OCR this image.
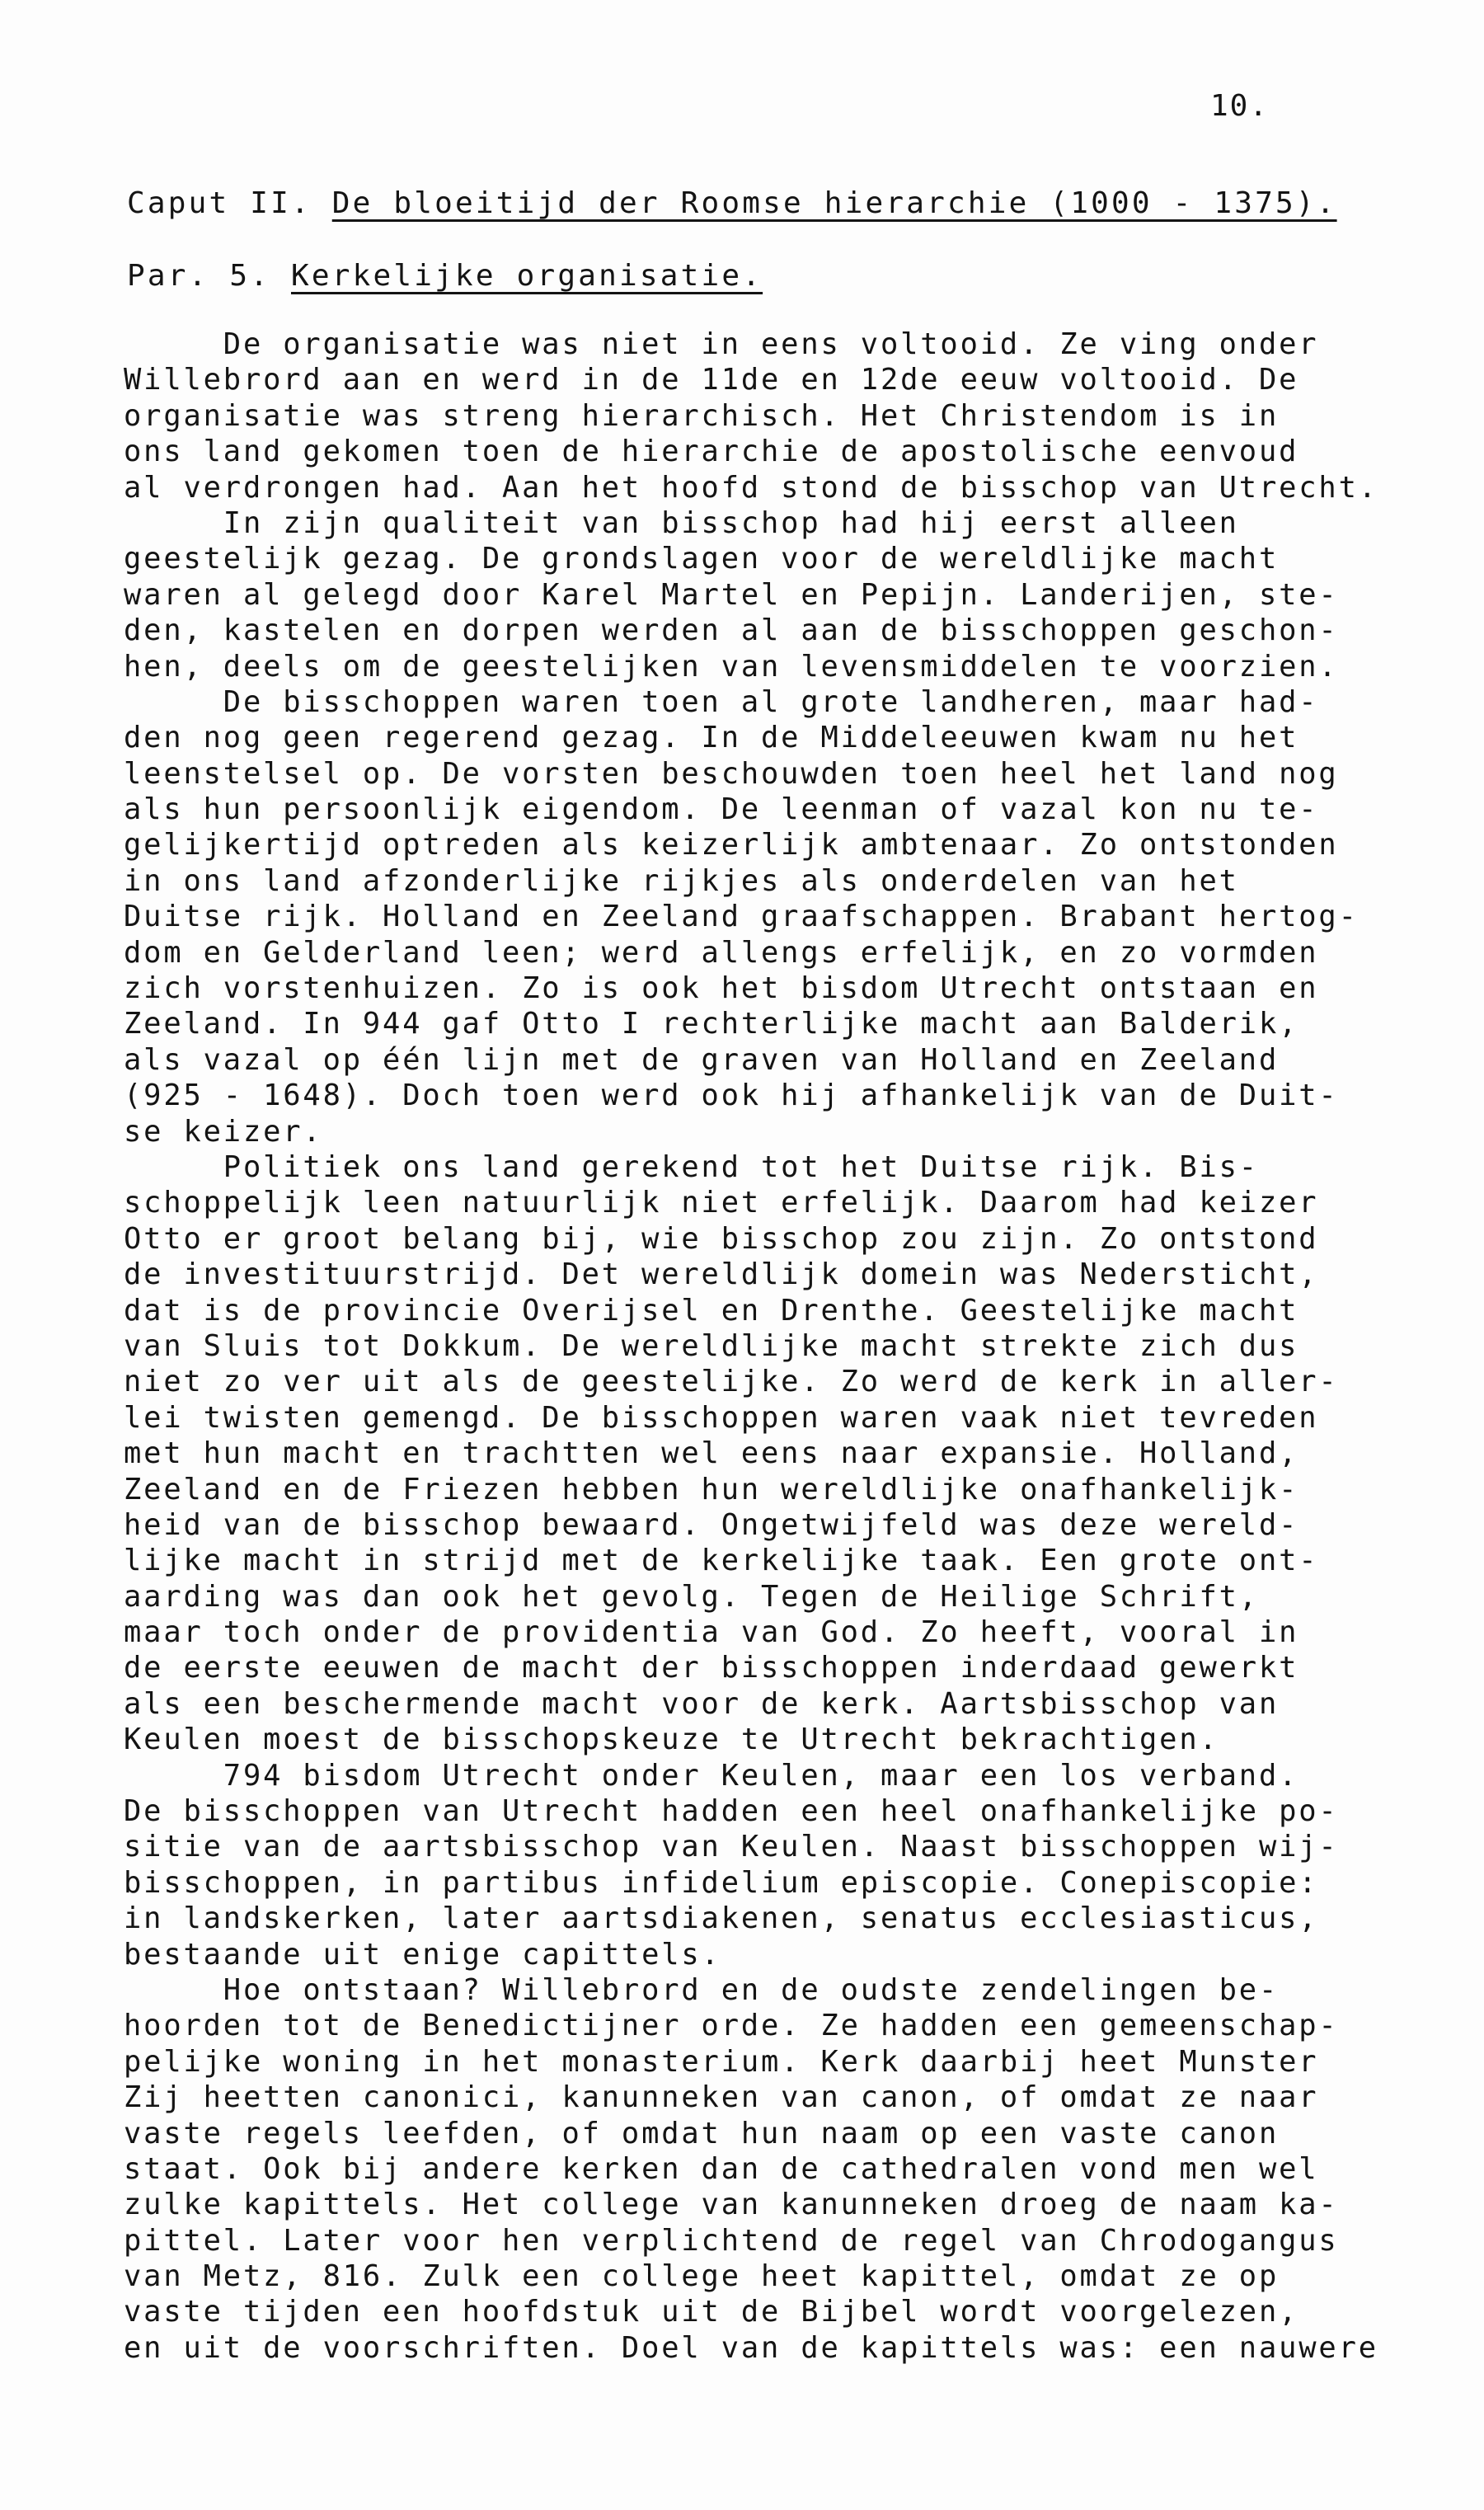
10.
Caput II. De bloeitijd der Roomse hierarchie (1000 - 1375).
Par. 5. Kerkelijke organisatie.
De organisatie was niet in eens voltooid. Ze ving onder
Willebrord aan en werd in de 11de en 12de eeuw voltooid. De
organisatie was streng hierarchisch. Het Christendom is in
ons land gekomen toen de hierarchie de apostolische eenvoud
al verdrongen had. Aan het hoofd stond de bisschop van Utrecht.
In zijn qualiteit van bisschop had hij eerst alleen
geestelijk gezag. De grondslagen voor de wereldlijke macht
waren al gelegd door Karel Martel en Pepijn. Landerijen, ste-
den, kastelen en dorpen werden al aan de bisschoppen geschon-
hen, deels om de geestelijken van levensmiddelen te voorzien.
De bisschoppen waren toen al grote landheren, maar had-
den nog geen regerend gezag. In de Middeleeuwen kwam nu het
leenstelsel op. De vorsten beschouwden toen heel het land nog
als hun persoonlijk eigendom. De leenman of vazal kon nu te-
gelijkertijd optreden als keizerlijk ambtenaar. Zo ontstonden
in ons land afzonderlijke rijkjes als onderdelen van het
Duitse rijk. Holland en Zeeland graafschappen. Brabant hertog-
dom en Gelderland leen; werd allengs erfelijk, en zo vormden
zich vorstenhuizen. Zo is ook het bisdom Utrecht ontstaan en
Zeeland. In 944 gaf Otto I rechterlijke macht aan Balderik,
als vazal op één lijn met de graven van Holland en Zeeland
(925 - 1648). Doch toen werd ook hij afhankelijk van de Duit-
se keizer.
Politiek ons land gerekend tot het Duitse rijk. Bis-
schoppelijk leen natuurlijk niet erfelijk. Daarom had keizer
Otto er groot belang bij, wie bisschop zou zijn. Zo ontstond
de investituurstrijd. Det wereldlijk domein was Nedersticht,
dat is de provincie Overijsel en Drenthe. Geestelijke macht
van Sluis tot Dokkum. De wereldlijke macht strekte zich dus
niet zo ver uit als de geestelijke. Zo werd de kerk in aller-
lei twisten gemengd. De bisschoppen waren vaak niet tevreden
met hun macht en trachtten wel eens naar expansie. Holland,
Zeeland en de Friezen hebben hun wereldlijke onafhankelijk-
heid van de bisschop bewaard. Ongetwijfeld was deze wereld-
lijke macht in strijd met de kerkelijke taak. Een grote ont-
aarding was dan ook het gevolg. Tegen de Heilige Schrift,
maar toch onder de providentia van God. Zo heeft, vooral in
de eerste eeuwen de macht der bisschoppen inderdaad gewerkt
als een beschermende macht voor de kerk. Aartsbisschop van
Keulen moest de bisschopskeuze te Utrecht bekrachtigen.
794 bisdom Utrecht onder Keulen, maar een los verband.
De bisschoppen van Utrecht hadden een heel onafhankelijke po-
sitie van de aartsbisschop van Keulen. Naast bisschoppen wij-
bisschoppen, in partibus infidelium episcopie. Conepiscopie:
in landskerken, later aartsdiakenen, senatus ecclesiasticus,
bestaande uit enige capittels.
Hoe ontstaan? Willebrord en de oudste zendelingen be-
hoorden tot de Benedictijner orde. Ze hadden een gemeenschap-
pelijke woning in het monasterium. Kerk daarbij heet Munster
Zij heetten canonici, kanunneken van canon, of omdat ze naar
vaste regels leefden, of omdat hun naam op een vaste canon
staat. Ook bij andere kerken dan de cathedralen vond men wel
zulke kapittels. Het college van kanunneken droeg de naam ka-
pittel. Later voor hen verplichtend de regel van Chrodogangus
van Metz, 816. Zulk een college heet kapittel, omdat ze op
vaste tijden een hoofdstuk uit de Bijbel wordt voorgelezen,
en uit de voorschriften. Doel van de kapittels was: een nauwere
